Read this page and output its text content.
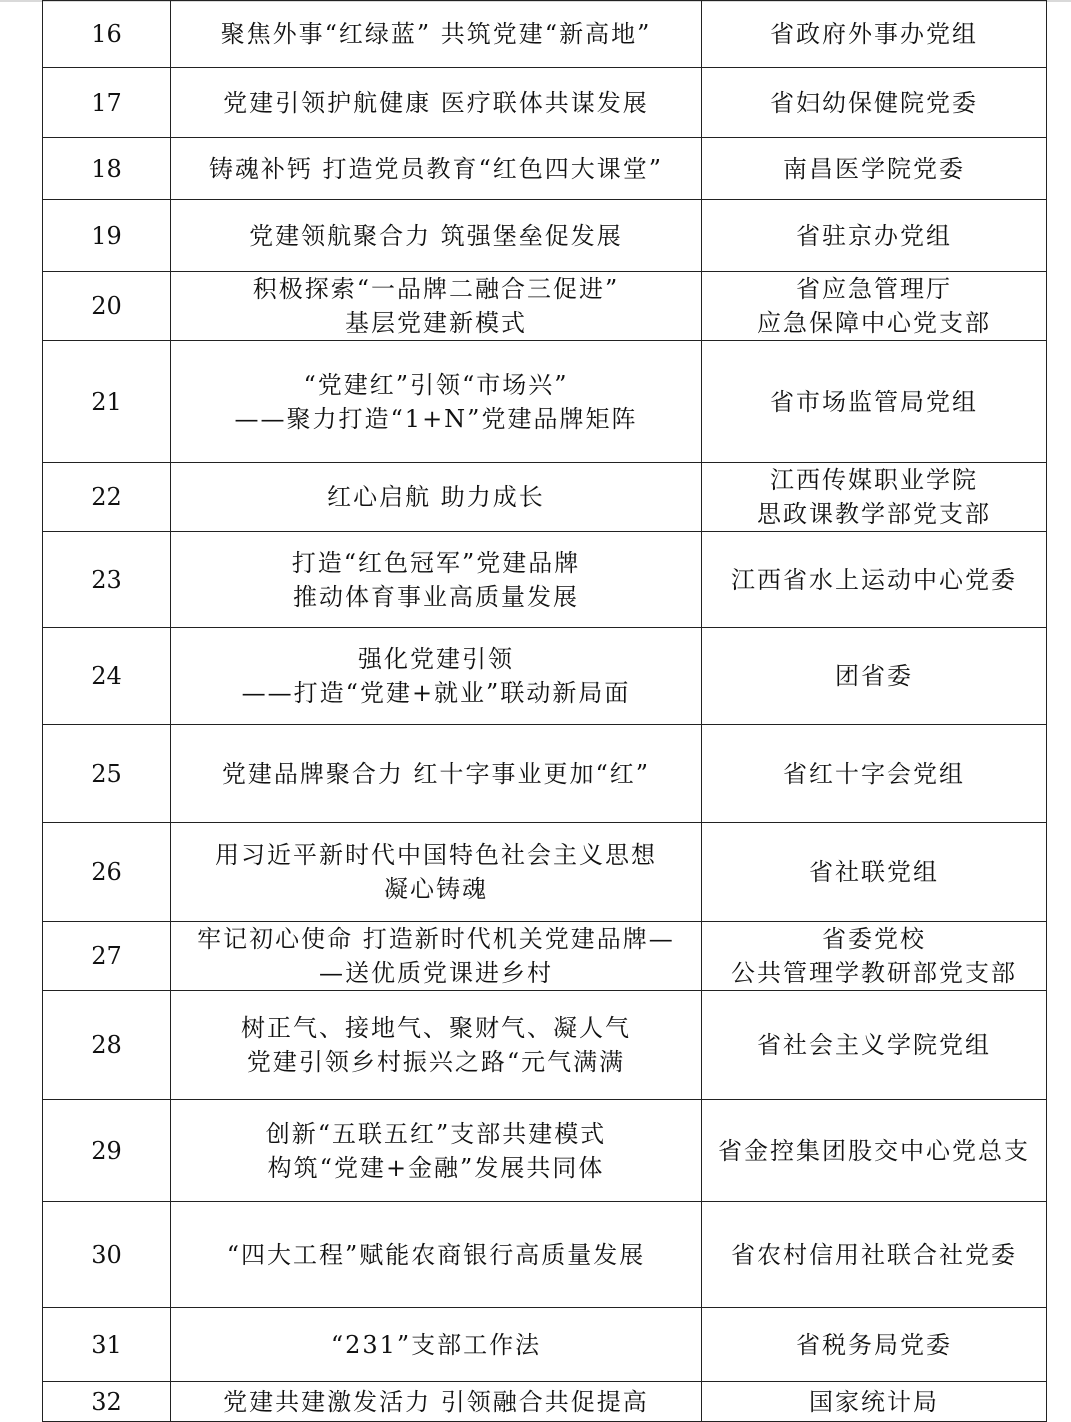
16	聚焦外事“红绿蓝” 共筑党建“新高地”	省政府外事办党组

17	党建引领护航健康 医疗联体共谋发展	省妇幼保健院党委

18	铸魂补钙 打造党员教育“红色四大课堂”	南昌医学院党委

19	党建领航聚合力 筑强堡垒促发展	省驻京办党组

20	积极探索“一品牌二融合三促进”
基层党建新模式	省应急管理厅
应急保障中心党支部

21	“党建红”引领“市场兴”
——聚力打造“1+N”党建品牌矩阵	省市场监管局党组

22	红心启航 助力成长	江西传媒职业学院
思政课教学部党支部

23	打造“红色冠军”党建品牌
推动体育事业高质量发展	江西省水上运动中心党委

24	强化党建引领
——打造“党建+就业”联动新局面	团省委

25	党建品牌聚合力 红十字事业更加“红”	省红十字会党组

26	用习近平新时代中国特色社会主义思想
凝心铸魂	省社联党组

27	牢记初心使命 打造新时代机关党建品牌—
—送优质党课进乡村	省委党校
公共管理学教研部党支部

28	树正气、接地气、聚财气、凝人气
党建引领乡村振兴之路“元气满满	省社会主义学院党组

29	创新“五联五红”支部共建模式
构筑“党建+金融”发展共同体	省金控集团股交中心党总支

30	“四大工程”赋能农商银行高质量发展	省农村信用社联合社党委

31	“231”支部工作法	省税务局党委

32	党建共建激发活力 引领融合共促提高	国家统计局
